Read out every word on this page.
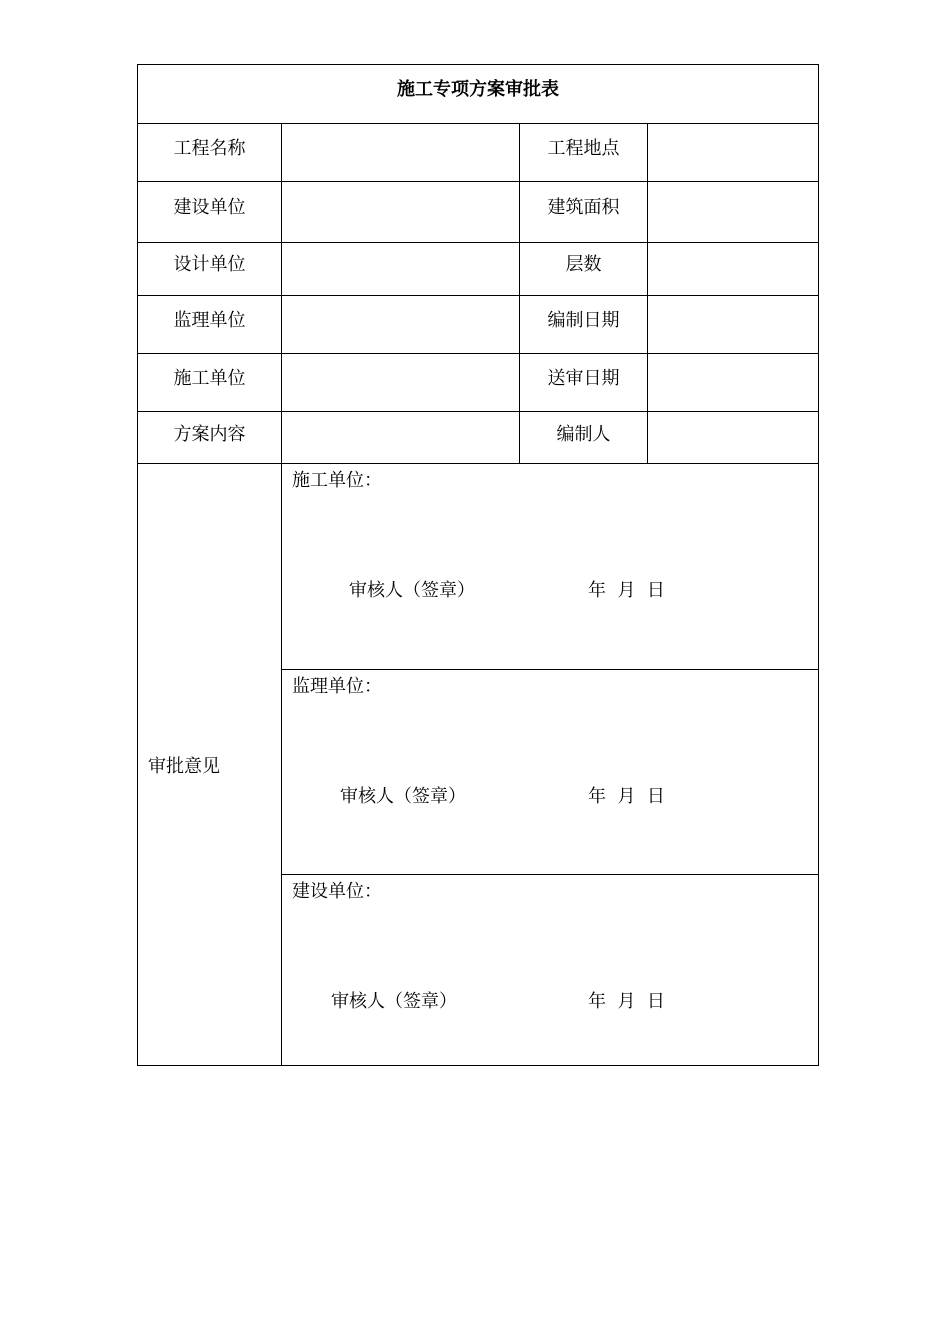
施工专项方案审批表			
工程名称		工程地点	
建设单位		建筑面积	
设计单位		层数	
监理单位		编制日期	
施工单位		送审日期	
方案内容		编制人	
审批意见	施工单位：
审核人（签章） 年  月  日		

	监理单位：
审核人（签章） 年  月  日		

	建设单位：
审核人（签章） 年  月  日		
